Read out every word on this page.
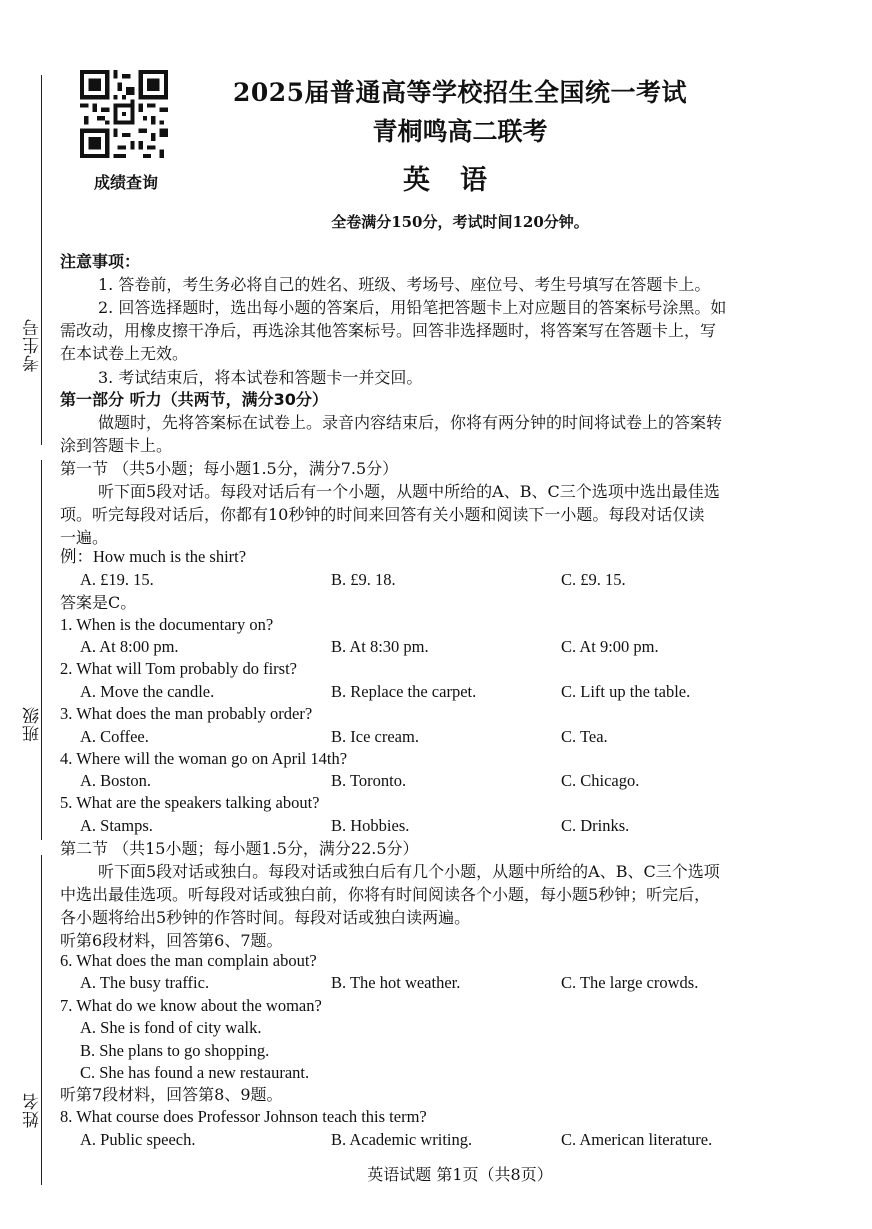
考生号
班级
姓名
成绩查询
2025届普通高等学校招生全国统一考试
青桐鸣高二联考
英语
全卷满分150分，考试时间120分钟。
注意事项：
1. 答卷前，考生务必将自己的姓名、班级、考场号、座位号、考生号填写在答题卡上。
2. 回答选择题时，选出每小题的答案后，用铅笔把答题卡上对应题目的答案标号涂黑。如
需改动，用橡皮擦干净后，再选涂其他答案标号。回答非选择题时，将答案写在答题卡上，写
在本试卷上无效。
3. 考试结束后，将本试卷和答题卡一并交回。
第一部分 听力（共两节，满分30分）
做题时，先将答案标在试卷上。录音内容结束后，你将有两分钟的时间将试卷上的答案转
涂到答题卡上。
第一节 （共5小题；每小题1.5分，满分7.5分）
听下面5段对话。每段对话后有一个小题，从题中所给的A、B、C三个选项中选出最佳选
项。听完每段对话后，你都有10秒钟的时间来回答有关小题和阅读下一小题。每段对话仅读
一遍。
例：How much is the shirt?
A. £19. 15.	B. £9. 18.	C. £9. 15.
答案是C。
1. When is the documentary on?
A. At 8:00 pm.	B. At 8:30 pm.	C. At 9:00 pm.
2. What will Tom probably do first?
A. Move the candle.	B. Replace the carpet.	C. Lift up the table.
3. What does the man probably order?
A. Coffee.	B. Ice cream.	C. Tea.
4. Where will the woman go on April 14th?
A. Boston.	B. Toronto.	C. Chicago.
5. What are the speakers talking about?
A. Stamps.	B. Hobbies.	C. Drinks.
第二节 （共15小题；每小题1.5分，满分22.5分）
听下面5段对话或独白。每段对话或独白后有几个小题，从题中所给的A、B、C三个选项
中选出最佳选项。听每段对话或独白前，你将有时间阅读各个小题，每小题5秒钟；听完后，
各小题将给出5秒钟的作答时间。每段对话或独白读两遍。
听第6段材料，回答第6、7题。
6. What does the man complain about?
A. The busy traffic.	B. The hot weather.	C. The large crowds.
7. What do we know about the woman?
A. She is fond of city walk.
B. She plans to go shopping.
C. She has found a new restaurant.
听第7段材料，回答第8、9题。
8. What course does Professor Johnson teach this term?
A. Public speech.	B. Academic writing.	C. American literature.
英语试题 第1页（共8页）
